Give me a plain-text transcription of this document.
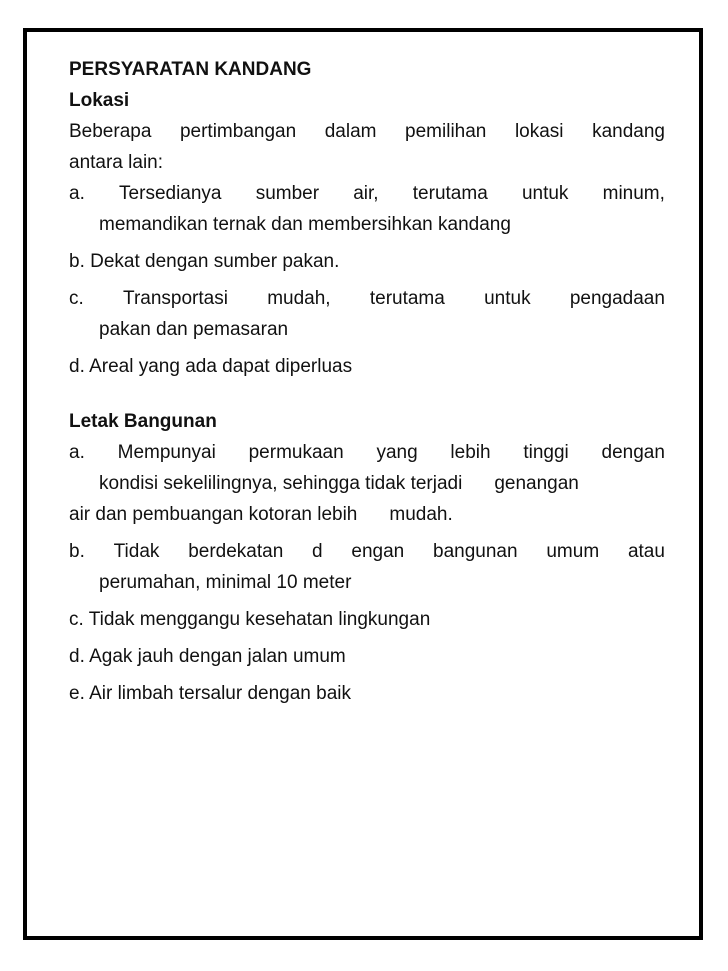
PERSYARATAN KANDANG
Lokasi
Beberapa pertimbangan dalam pemilihan lokasi kandang
antara lain:
a. Tersedianya sumber air, terutama untuk minum,
memandikan ternak dan membersihkan kandang
b. Dekat dengan sumber pakan.
c. Transportasi mudah, terutama untuk pengadaan
pakan dan pemasaran
d. Areal yang ada dapat diperluas
Letak Bangunan
a. Mempunyai permukaan yang lebih tinggi dengan
kondisi sekelilingnya, sehingga tidak terjadi genangan
air dan pembuangan kotoran lebih mudah.
b. Tidak berdekatan d engan bangunan umum atau
perumahan, minimal 10 meter
c. Tidak menggangu kesehatan lingkungan
d. Agak jauh dengan jalan umum
e. Air limbah tersalur dengan baik
